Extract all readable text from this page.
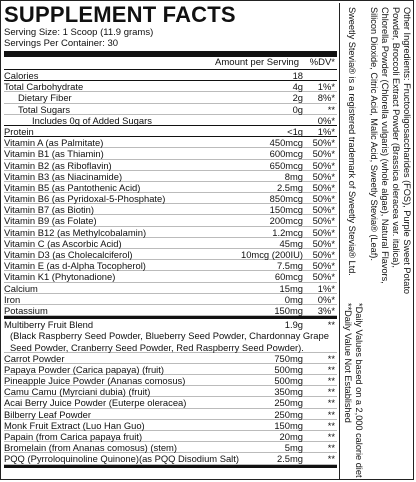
SUPPLEMENT FACTS
Serving Size: 1 Scoop (11.9 grams)
Servings Per Container: 30
Amount per Serving %DV*
Calories	18
Total Carbohydrate	4g 1%*
Dietary Fiber	2g 8%*
Total Sugars	0g	**
Includes 0g of Added Sugars	0%*
Protein	<1g 1%*
Vitamin A (as Palmitate)	450mcg 50%*
Vitamin B1 (as Thiamin)	600mcg 50%*
Vitamin B2 (as Riboflavin)	650mcg 50%*
Vitamin B3 (as Niacinamide)	8mg 50%*
Vitamin B5 (as Pantothenic Acid)	2.5mg 50%*
Vitamin B6 (as Pyridoxal-5-Phosphate)	850mcg 50%*
Vitamin B7 (as Biotin)	150mcg 50%*
Vitamin B9 (as Folate)	200mcg 50%*
Vitamin B12 (as Methylcobalamin)	1.2mcg 50%*
Vitamin C (as Ascorbic Acid)	45mg 50%*
Vitamin D3 (as Cholecalciferol)	10mcg (200IU) 50%*
Vitamin E (as d-Alpha Tocopherol)	7.5mg 50%*
Vitamin K1 (Phytonadione)	60mcg 50%*
Calcium	15mg 1%*
Iron	0mg 0%*
Potassium	150mg 3%*
Multiberry Fruit Blend	1.9g	**
(Black Raspberry Seed Powder, Blueberry Seed Powder, Chardonnay Grape
Seed Powder, Cranberry Seed Powder, Red Raspberry Seed Powder).
Carrot Powder	750mg	**
Papaya Powder (Carica papaya) (fruit)	500mg	**
Pineapple Juice Powder (Ananas comosus)	500mg	**
Camu Camu (Myrciani dubia) (fruit)	350mg	**
Acai Berry Juice Powder (Euterpe oleracea)	250mg	**
Bilberry Leaf Powder	250mg	**
Monk Fruit Extract (Luo Han Guo)	150mg	**
Papain (from Carica papaya fruit)	20mg	**
Bromelain (from Ananas comosus) (stem)	5mg	**
PQQ (Pyrroloquinoline Quinone)(as PQQ Disodium Salt)	2.5mg	**
Other Ingredients: Fructooligosaccharides (FOS), Purple Sweet Potato
Powder, Broccoli Extract Powder (Brassica oleracea var. italica),
Chlorella Powder (Chlorella vulgaris) (whole algae), Natural Flavors,
Silicon Dioxide, Citric Acid, Malic Acid, Sweetly Stevia® (Leaf).
Sweetly Stevia® is a registered trademark of Sweetly Stevia® Ltd.
*Daily Values based on a 2,000 calorie diet
**Daily Value Not Established
